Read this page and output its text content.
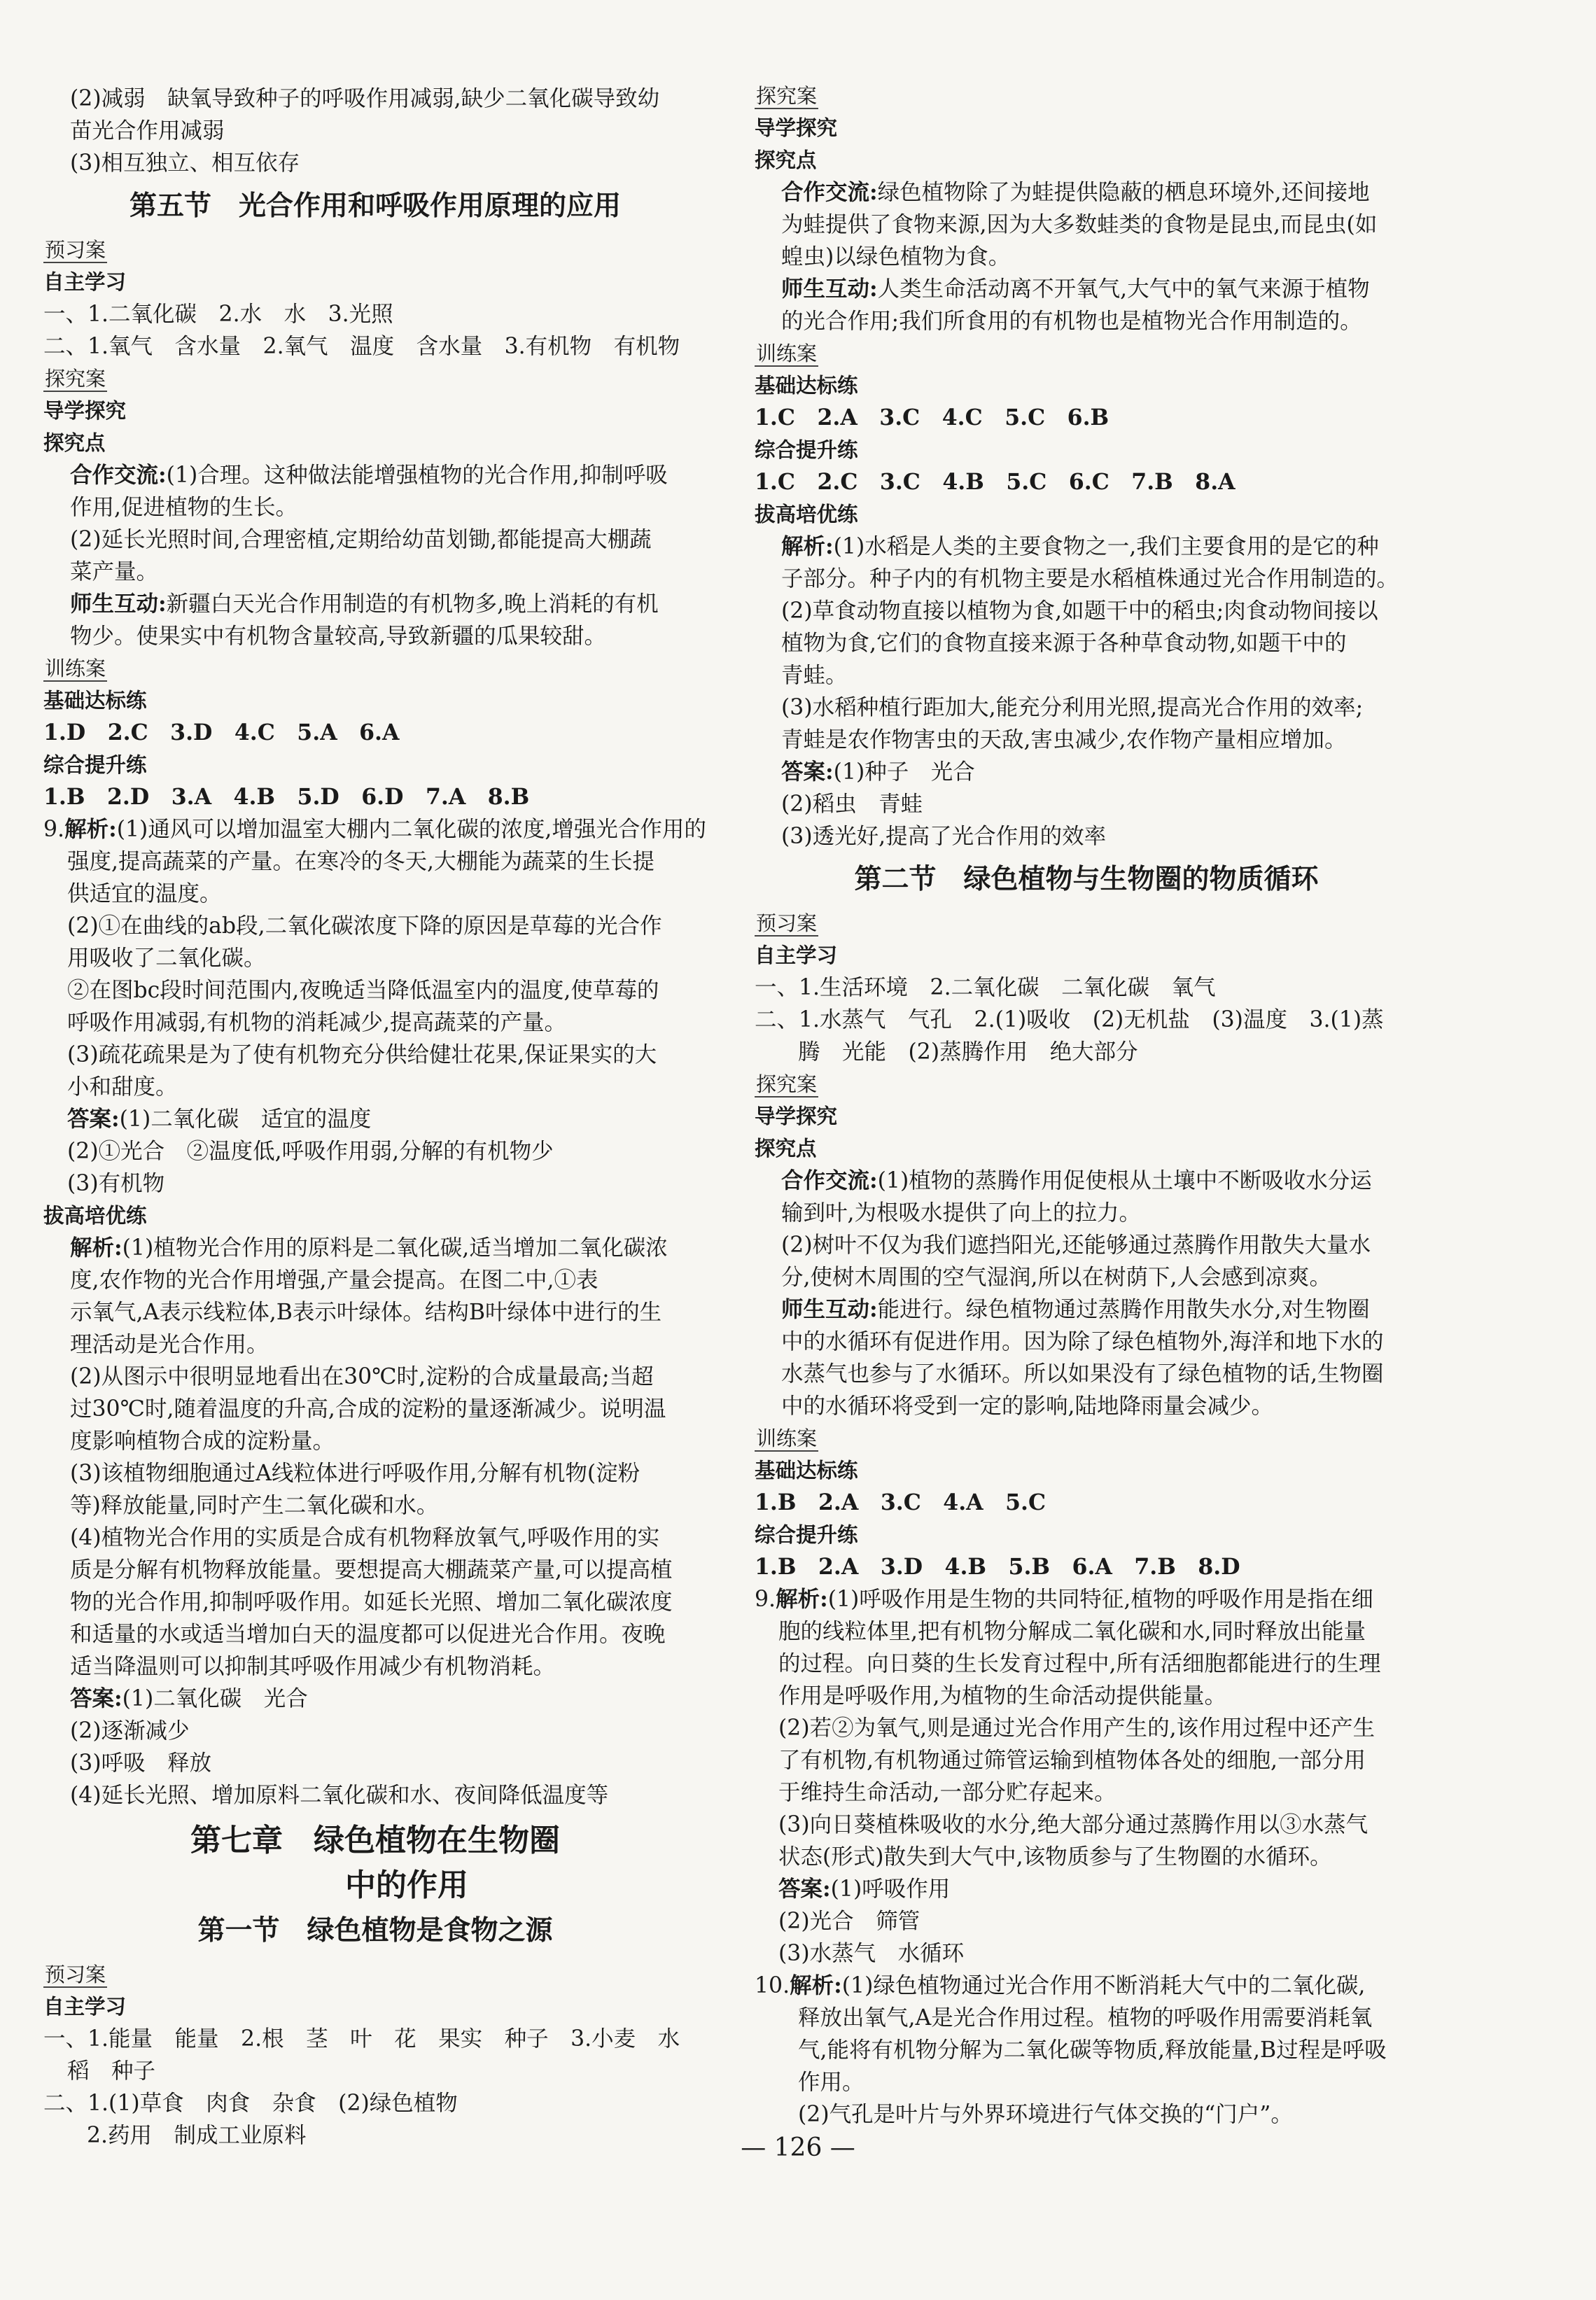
(2)减弱　缺氧导致种子的呼吸作用减弱,缺少二氧化碳导致幼

苗光合作用减弱

(3)相互独立、相互依存

第五节　光合作用和呼吸作用原理的应用
预习案

自主学习

一、1.二氧化碳　2.水　水　3.光照

二、1.氧气　含水量　2.氧气　温度　含水量　3.有机物　有机物

探究案

导学探究

探究点

合作交流:(1)合理。这种做法能增强植物的光合作用,抑制呼吸

作用,促进植物的生长。

(2)延长光照时间,合理密植,定期给幼苗划锄,都能提高大棚蔬

菜产量。

师生互动:新疆白天光合作用制造的有机物多,晚上消耗的有机

物少。使果实中有机物含量较高,导致新疆的瓜果较甜。

训练案

基础达标练

1.D　2.C　3.D　4.C　5.A　6.A

综合提升练

1.B　2.D　3.A　4.B　5.D　6.D　7.A　8.B

9.解析:(1)通风可以增加温室大棚内二氧化碳的浓度,增强光合作用的

强度,提高蔬菜的产量。在寒冷的冬天,大棚能为蔬菜的生长提

供适宜的温度。

(2)①在曲线的ab段,二氧化碳浓度下降的原因是草莓的光合作

用吸收了二氧化碳。

②在图bc段时间范围内,夜晚适当降低温室内的温度,使草莓的

呼吸作用减弱,有机物的消耗减少,提高蔬菜的产量。

(3)疏花疏果是为了使有机物充分供给健壮花果,保证果实的大

小和甜度。

答案:(1)二氧化碳　适宜的温度

(2)①光合　②温度低,呼吸作用弱,分解的有机物少

(3)有机物

拔高培优练

解析:(1)植物光合作用的原料是二氧化碳,适当增加二氧化碳浓

度,农作物的光合作用增强,产量会提高。在图二中,①表

示氧气,A表示线粒体,B表示叶绿体。结构B叶绿体中进行的生

理活动是光合作用。

(2)从图示中很明显地看出在30℃时,淀粉的合成量最高;当超

过30℃时,随着温度的升高,合成的淀粉的量逐渐减少。说明温

度影响植物合成的淀粉量。

(3)该植物细胞通过A线粒体进行呼吸作用,分解有机物(淀粉

等)释放能量,同时产生二氧化碳和水。

(4)植物光合作用的实质是合成有机物释放氧气,呼吸作用的实

质是分解有机物释放能量。要想提高大棚蔬菜产量,可以提高植

物的光合作用,抑制呼吸作用。如延长光照、增加二氧化碳浓度

和适量的水或适当增加白天的温度都可以促进光合作用。夜晚

适当降温则可以抑制其呼吸作用减少有机物消耗。

答案:(1)二氧化碳　光合

(2)逐渐减少

(3)呼吸　释放

(4)延长光照、增加原料二氧化碳和水、夜间降低温度等

第七章　绿色植物在生物圈
中的作用
第一节　绿色植物是食物之源
预习案

自主学习

一、1.能量　能量　2.根　茎　叶　花　果实　种子　3.小麦　水

稻　种子

二、1.(1)草食　肉食　杂食　(2)绿色植物

2.药用　制成工业原料

探究案

导学探究

探究点

合作交流:绿色植物除了为蛙提供隐蔽的栖息环境外,还间接地

为蛙提供了食物来源,因为大多数蛙类的食物是昆虫,而昆虫(如

蝗虫)以绿色植物为食。

师生互动:人类生命活动离不开氧气,大气中的氧气来源于植物

的光合作用;我们所食用的有机物也是植物光合作用制造的。

训练案

基础达标练

1.C　2.A　3.C　4.C　5.C　6.B

综合提升练

1.C　2.C　3.C　4.B　5.C　6.C　7.B　8.A

拔高培优练

解析:(1)水稻是人类的主要食物之一,我们主要食用的是它的种

子部分。种子内的有机物主要是水稻植株通过光合作用制造的。

(2)草食动物直接以植物为食,如题干中的稻虫;肉食动物间接以

植物为食,它们的食物直接来源于各种草食动物,如题干中的

青蛙。

(3)水稻种植行距加大,能充分利用光照,提高光合作用的效率;

青蛙是农作物害虫的天敌,害虫减少,农作物产量相应增加。

答案:(1)种子　光合

(2)稻虫　青蛙

(3)透光好,提高了光合作用的效率

第二节　绿色植物与生物圈的物质循环
预习案

自主学习

一、1.生活环境　2.二氧化碳　二氧化碳　氧气

二、1.水蒸气　气孔　2.(1)吸收　(2)无机盐　(3)温度　3.(1)蒸

腾　光能　(2)蒸腾作用　绝大部分

探究案

导学探究

探究点

合作交流:(1)植物的蒸腾作用促使根从土壤中不断吸收水分运

输到叶,为根吸水提供了向上的拉力。

(2)树叶不仅为我们遮挡阳光,还能够通过蒸腾作用散失大量水

分,使树木周围的空气湿润,所以在树荫下,人会感到凉爽。

师生互动:能进行。绿色植物通过蒸腾作用散失水分,对生物圈

中的水循环有促进作用。因为除了绿色植物外,海洋和地下水的

水蒸气也参与了水循环。所以如果没有了绿色植物的话,生物圈

中的水循环将受到一定的影响,陆地降雨量会减少。

训练案

基础达标练

1.B　2.A　3.C　4.A　5.C

综合提升练

1.B　2.A　3.D　4.B　5.B　6.A　7.B　8.D

9.解析:(1)呼吸作用是生物的共同特征,植物的呼吸作用是指在细

胞的线粒体里,把有机物分解成二氧化碳和水,同时释放出能量

的过程。向日葵的生长发育过程中,所有活细胞都能进行的生理

作用是呼吸作用,为植物的生命活动提供能量。

(2)若②为氧气,则是通过光合作用产生的,该作用过程中还产生

了有机物,有机物通过筛管运输到植物体各处的细胞,一部分用

于维持生命活动,一部分贮存起来。

(3)向日葵植株吸收的水分,绝大部分通过蒸腾作用以③水蒸气

状态(形式)散失到大气中,该物质参与了生物圈的水循环。

答案:(1)呼吸作用

(2)光合　筛管

(3)水蒸气　水循环

10.解析:(1)绿色植物通过光合作用不断消耗大气中的二氧化碳,

释放出氧气,A是光合作用过程。植物的呼吸作用需要消耗氧

气,能将有机物分解为二氧化碳等物质,释放能量,B过程是呼吸

作用。

(2)气孔是叶片与外界环境进行气体交换的“门户”。

— 126 —
